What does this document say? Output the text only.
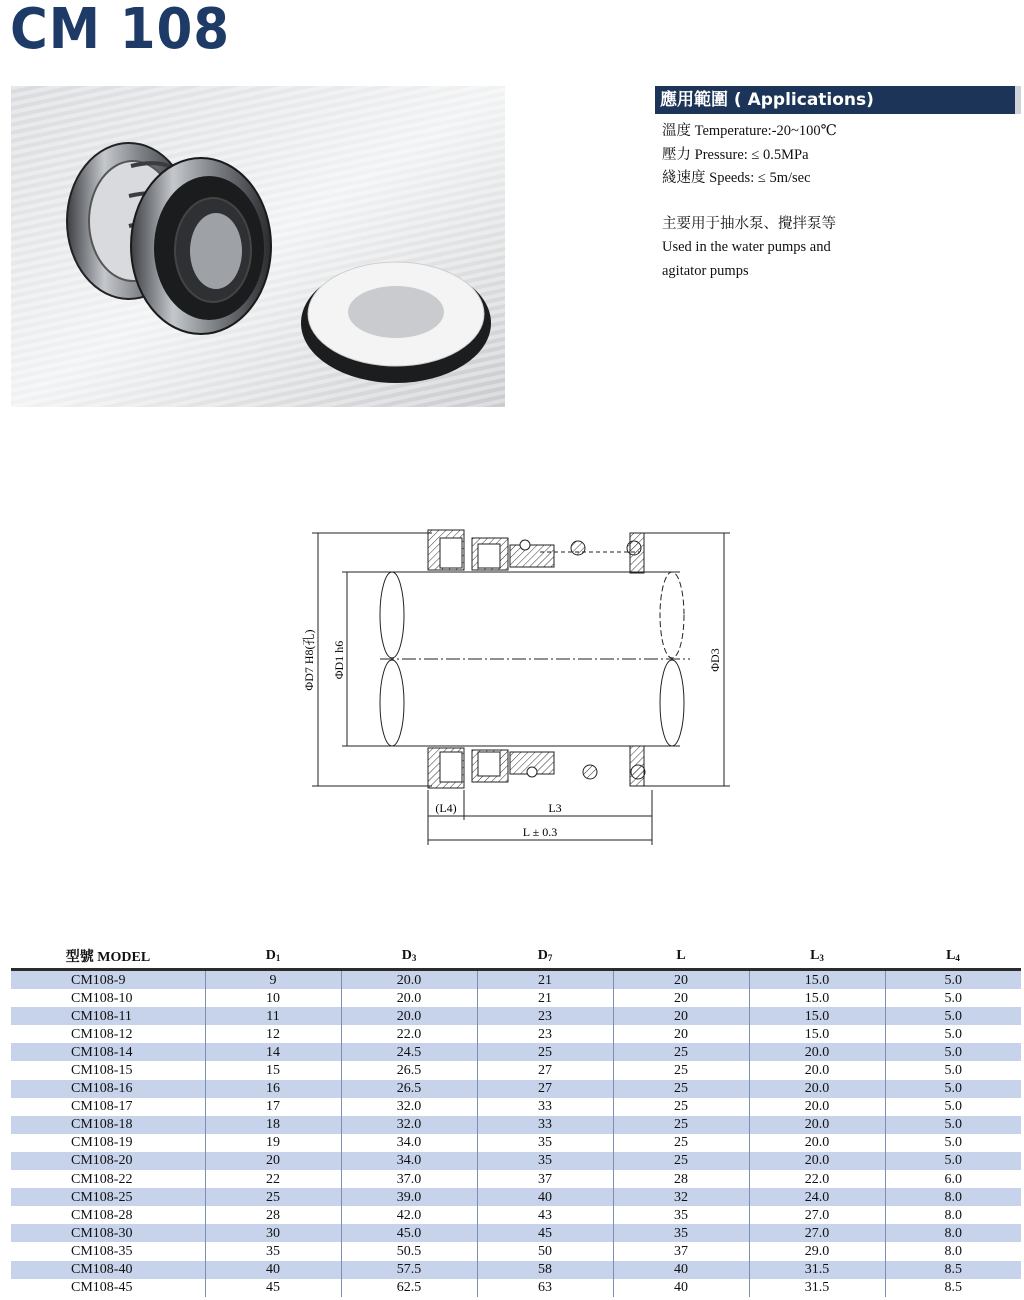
CM 108
應用範圍 ( Applications)
溫度 Temperature:-20~100℃
壓力 Pressure: ≤ 0.5MPa
綫速度 Speeds: ≤ 5m/sec
主要用于抽水泵、攪拌泵等
Used in the water pumps and
agitator pumps
ΦD7 H8(孔) ΦD1 h6	ΦD3
(L4)	L3
L ± 0.3
型號 MODEL	$D_1$	$D_3$	$D_7$	L	$L_3$	$L_4$
CM108-9	9	20.0	21	20	15.0	5.0
CM108-10	10	20.0	21	20	15.0	5.0
CM108-11	11	20.0	23	20	15.0	5.0
CM108-12	12	22.0	23	20	15.0	5.0
CM108-14	14	24.5	25	25	20.0	5.0
CM108-15	15	26.5	27	25	20.0	5.0
CM108-16	16	26.5	27	25	20.0	5.0
CM108-17	17	32.0	33	25	20.0	5.0
CM108-18	18	32.0	33	25	20.0	5.0
CM108-19	19	34.0	35	25	20.0	5.0
CM108-20	20	34.0	35	25	20.0	5.0
CM108-22	22	37.0	37	28	22.0	6.0
CM108-25	25	39.0	40	32	24.0	8.0
CM108-28	28	42.0	43	35	27.0	8.0
CM108-30	30	45.0	45	35	27.0	8.0
CM108-35	35	50.5	50	37	29.0	8.0
CM108-40	40	57.5	58	40	31.5	8.5
CM108-45	45	62.5	63	40	31.5	8.5
